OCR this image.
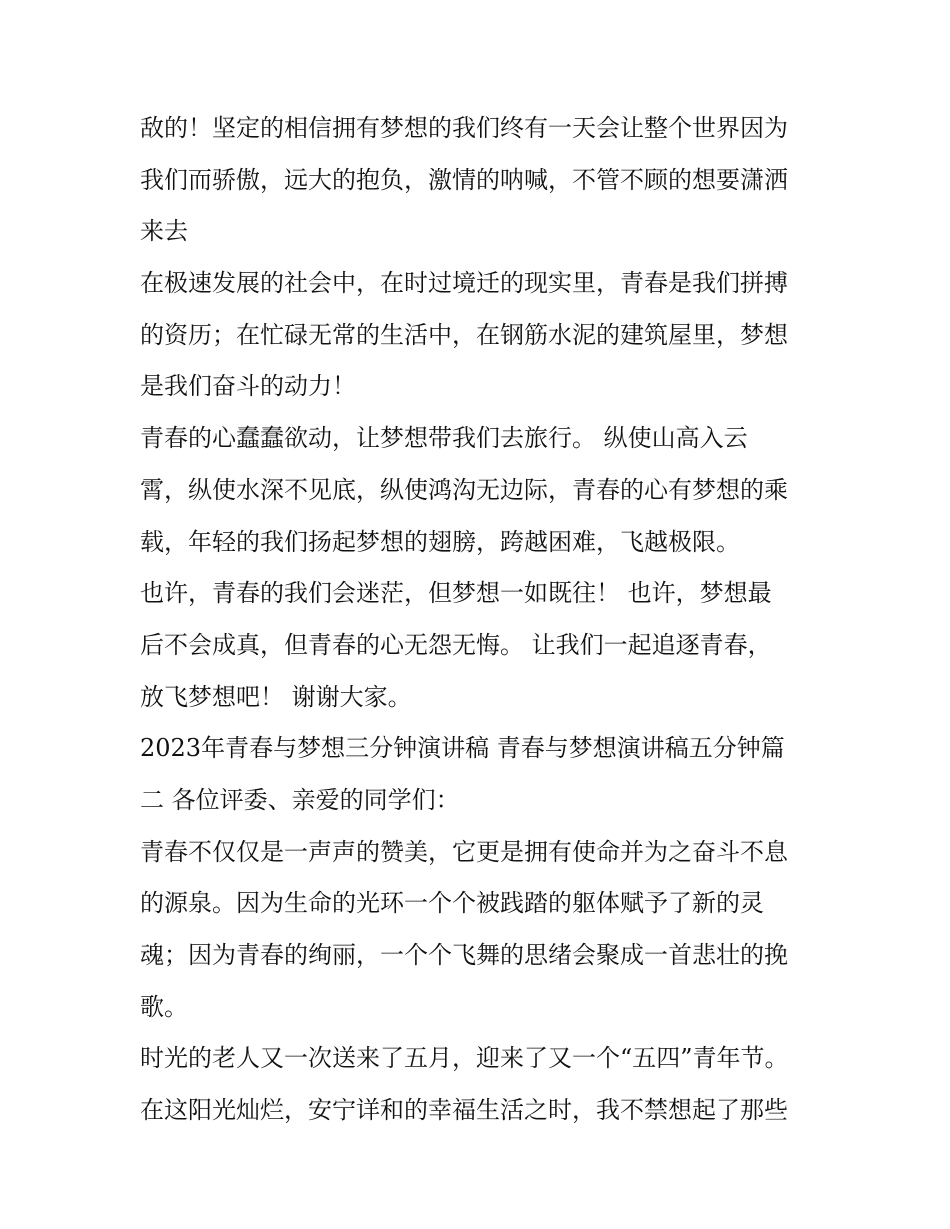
敌的！坚定的相信拥有梦想的我们终有一天会让整个世界因为
我们而骄傲，远大的抱负，激情的呐喊，不管不顾的想要潇洒
来去
在极速发展的社会中，在时过境迁的现实里，青春是我们拼搏
的资历；在忙碌无常的生活中，在钢筋水泥的建筑屋里，梦想
是我们奋斗的动力！
青春的心蠢蠢欲动，让梦想带我们去旅行。 纵使山高入云
霄，纵使水深不见底，纵使鸿沟无边际，青春的心有梦想的乘
载，年轻的我们扬起梦想的翅膀，跨越困难，飞越极限。
也许，青春的我们会迷茫，但梦想一如既往！ 也许，梦想最
后不会成真，但青春的心无怨无悔。 让我们一起追逐青春，
放飞梦想吧！ 谢谢大家。
2023年青春与梦想三分钟演讲稿 青春与梦想演讲稿五分钟篇
二 各位评委、亲爱的同学们：
青春不仅仅是一声声的赞美，它更是拥有使命并为之奋斗不息
的源泉。因为生命的光环一个个被践踏的躯体赋予了新的灵
魂；因为青春的绚丽，一个个飞舞的思绪会聚成一首悲壮的挽
歌。
时光的老人又一次送来了五月，迎来了又一个“五四”青年节。
在这阳光灿烂，安宁详和的幸福生活之时，我不禁想起了那些
